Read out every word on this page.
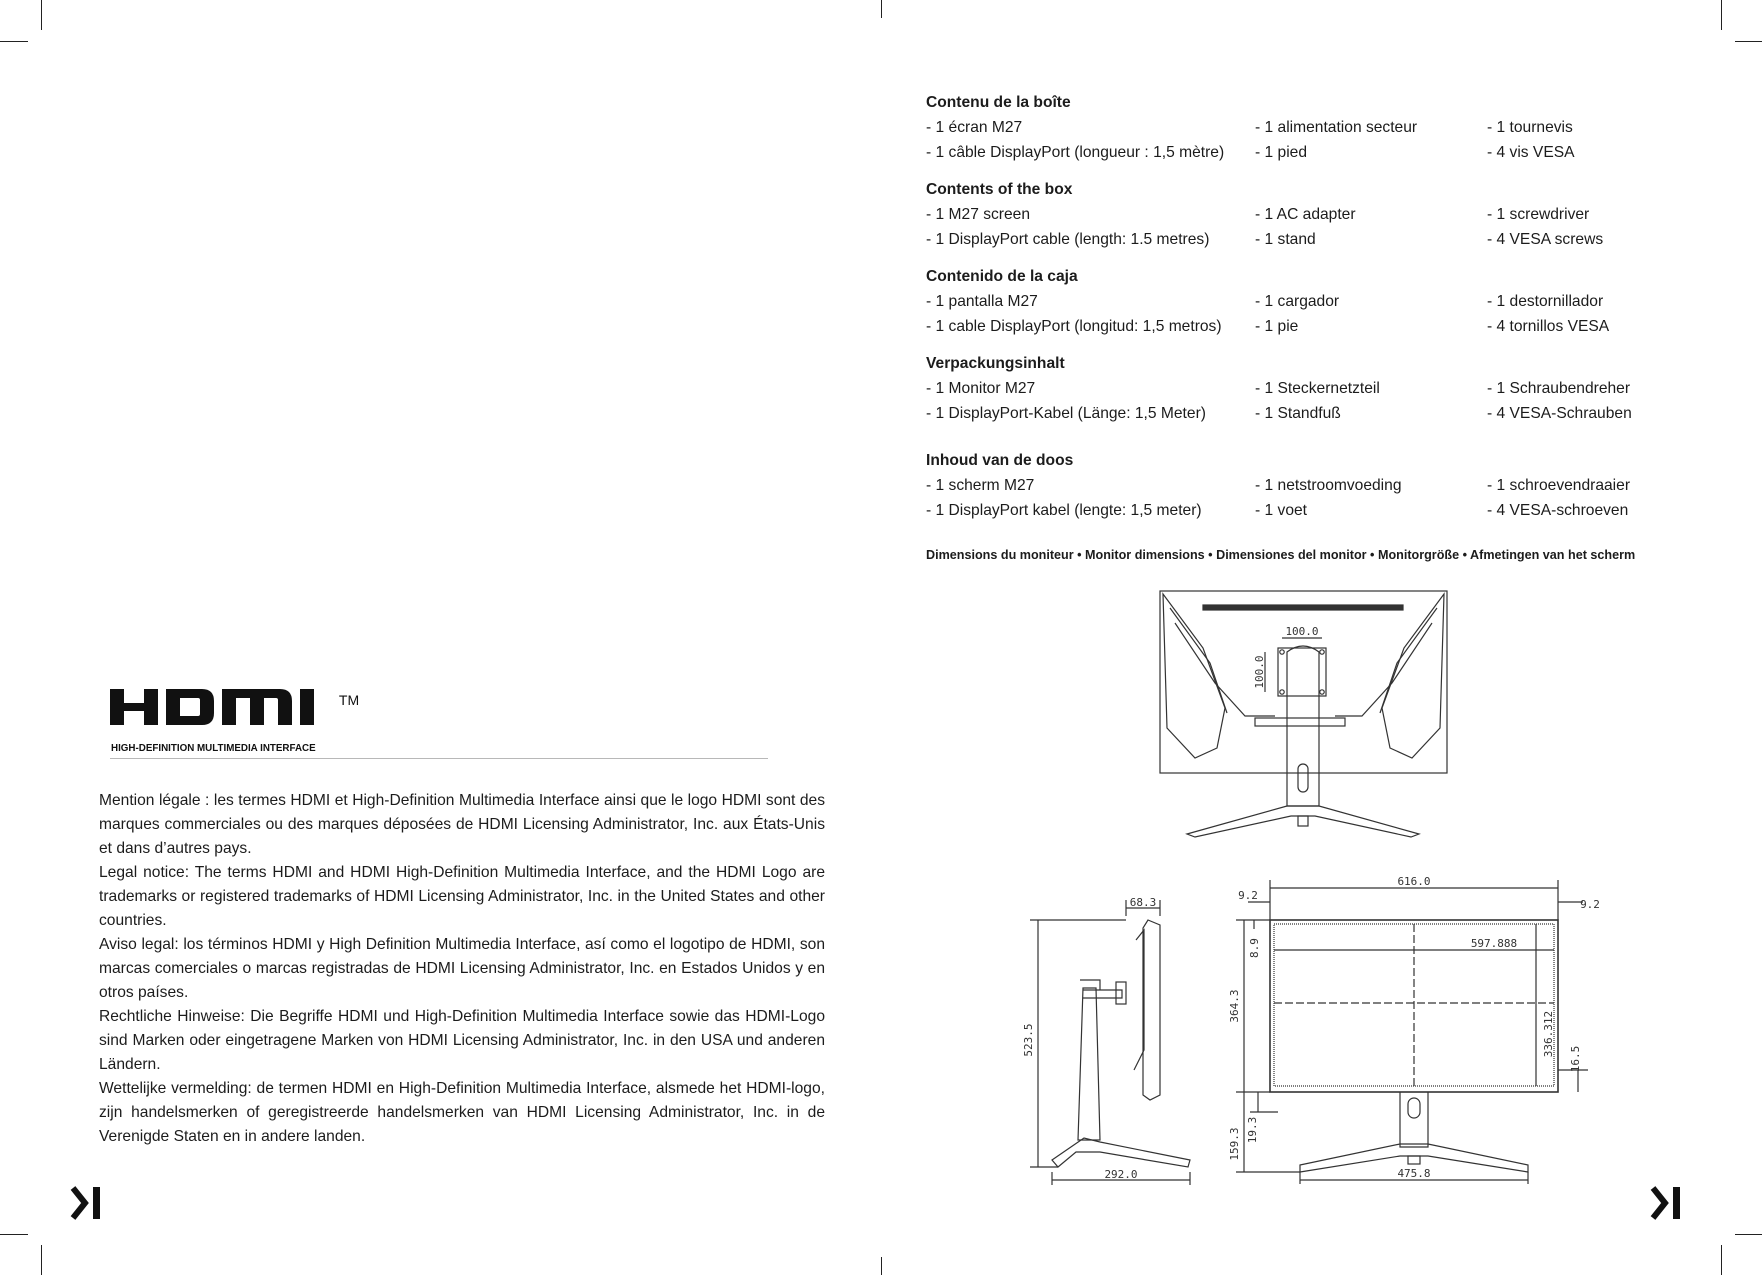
TM
HIGH-DEFINITION MULTIMEDIA INTERFACE

Mention légale : les termes HDMI et High-Definition Multimedia Interface ainsi que le logo HDMI sont des marques commerciales ou des marques déposées de HDMI Licensing Administrator, Inc. aux États-Unis et dans d’autres pays.

Legal notice: The terms HDMI and HDMI High-Definition Multimedia Interface, and the HDMI Logo are trademarks or registered trademarks of HDMI Licensing Administrator, Inc. in the United States and other countries.

Aviso legal: los términos HDMI y High Definition Multimedia Interface, así como el logotipo de HDMI, son marcas comerciales o marcas registradas de HDMI Licensing Administrator, Inc. en Estados Unidos y en otros países.

Rechtliche Hinweise: Die Begriffe HDMI und High-Definition Multimedia Interface sowie das HDMI-Logo sind Marken oder eingetragene Marken von HDMI Licensing Administrator, Inc. in den USA und anderen Ländern.

Wettelijke vermelding: de termen HDMI en High-Definition Multimedia Interface, alsmede het HDMI-logo, zijn handelsmerken of geregistreerde handelsmerken van HDMI Licensing Administrator, Inc. in de Verenigde Staten en in andere landen.

Contenu de la boîte
- 1 écran M27	- 1 alimentation secteur	- 1 tournevis
- 1 câble DisplayPort (longueur : 1,5 mètre) - 1 pied	- 4 vis VESA
Contents of the box
- 1 M27 screen	- 1 AC adapter	- 1 screwdriver
- 1 DisplayPort cable (length: 1.5 metres)	- 1 stand	- 4 VESA screws
Contenido de la caja
- 1 pantalla M27	- 1 cargador	- 1 destornillador
- 1 cable DisplayPort (longitud: 1,5 metros) - 1 pie	- 4 tornillos VESA
Verpackungsinhalt
- 1 Monitor M27	- 1 Steckernetzteil	- 1 Schraubendreher
- 1 DisplayPort-Kabel (Länge: 1,5 Meter)	- 1 Standfuß	- 4 VESA-Schrauben
Inhoud van de doos
- 1 scherm M27	- 1 netstroomvoeding	- 1 schroevendraaier
- 1 DisplayPort kabel (lengte: 1,5 meter)	- 1 voet	- 4 VESA-schroeven
Dimensions du moniteur • Monitor dimensions • Dimensiones del monitor • Monitorgröße • Afmetingen van het scherm
100.0
100.0
68.3
523.5
292.0
616.0
9.2
9.2
597.888
8.9
364.3
336.312
16.5
159.3 19.3
475.8
